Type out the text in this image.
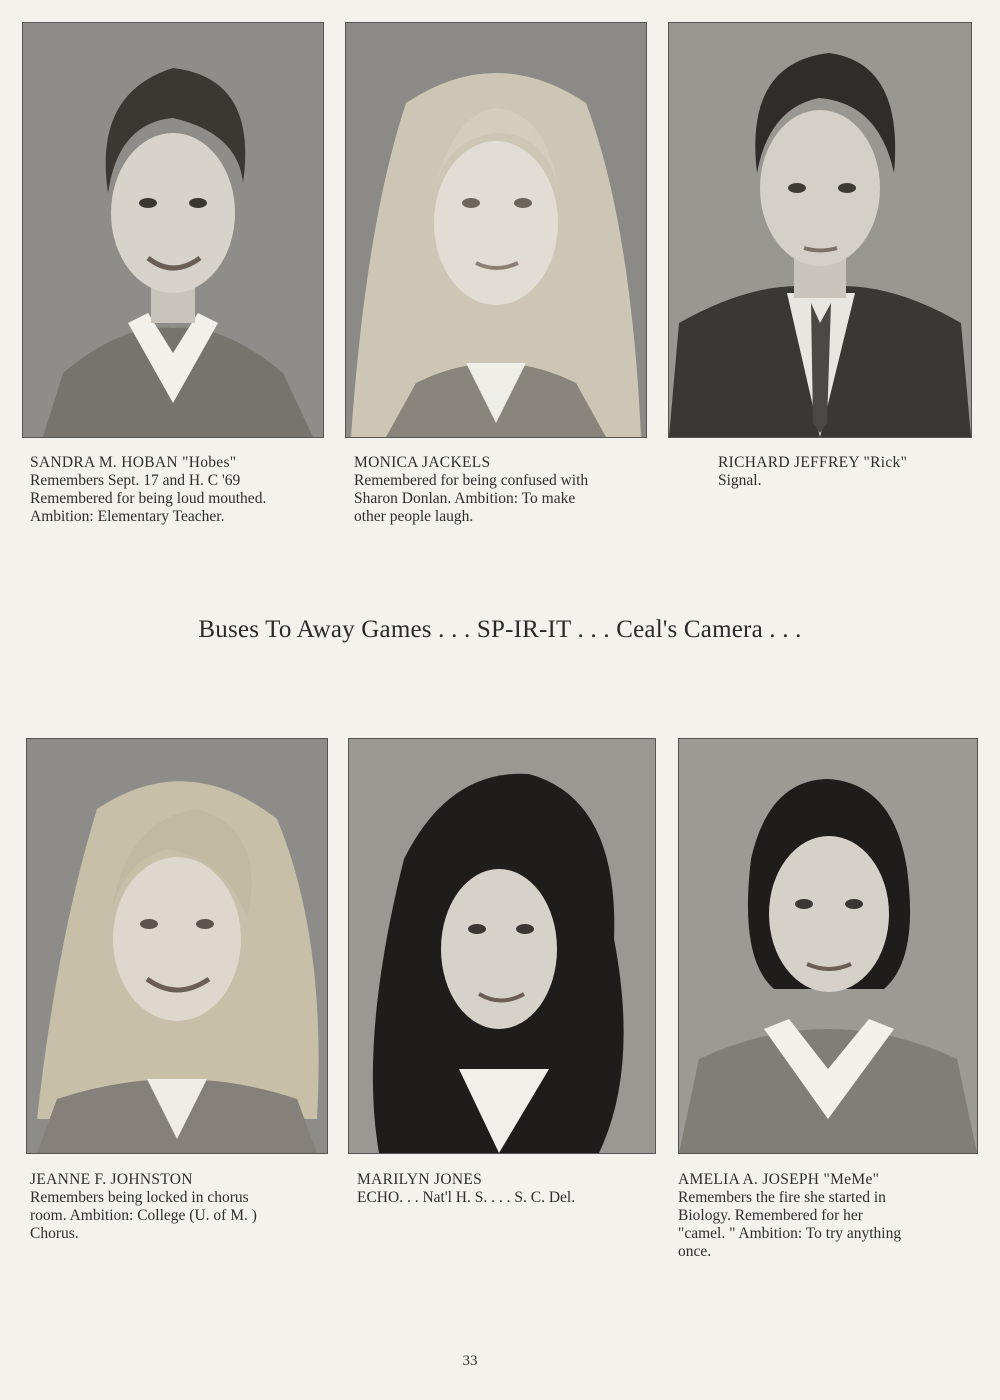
SANDRA M. HOBAN "Hobes"
Remembers Sept. 17 and H. C '69
Remembered for being loud mouthed.
Ambition: Elementary Teacher.
MONICA JACKELS
Remembered for being confused with
Sharon Donlan. Ambition: To make
other people laugh.
RICHARD JEFFREY "Rick"
Signal.
Buses To Away Games . . . SP-IR-IT . . . Ceal's Camera . . .
JEANNE F. JOHNSTON
Remembers being locked in chorus
room. Ambition: College (U. of M. )
Chorus.
MARILYN JONES
ECHO. . . Nat'l H. S. . . . S. C. Del.
AMELIA A. JOSEPH "MeMe"
Remembers the fire she started in
Biology. Remembered for her
"camel. " Ambition: To try anything
once.
33
